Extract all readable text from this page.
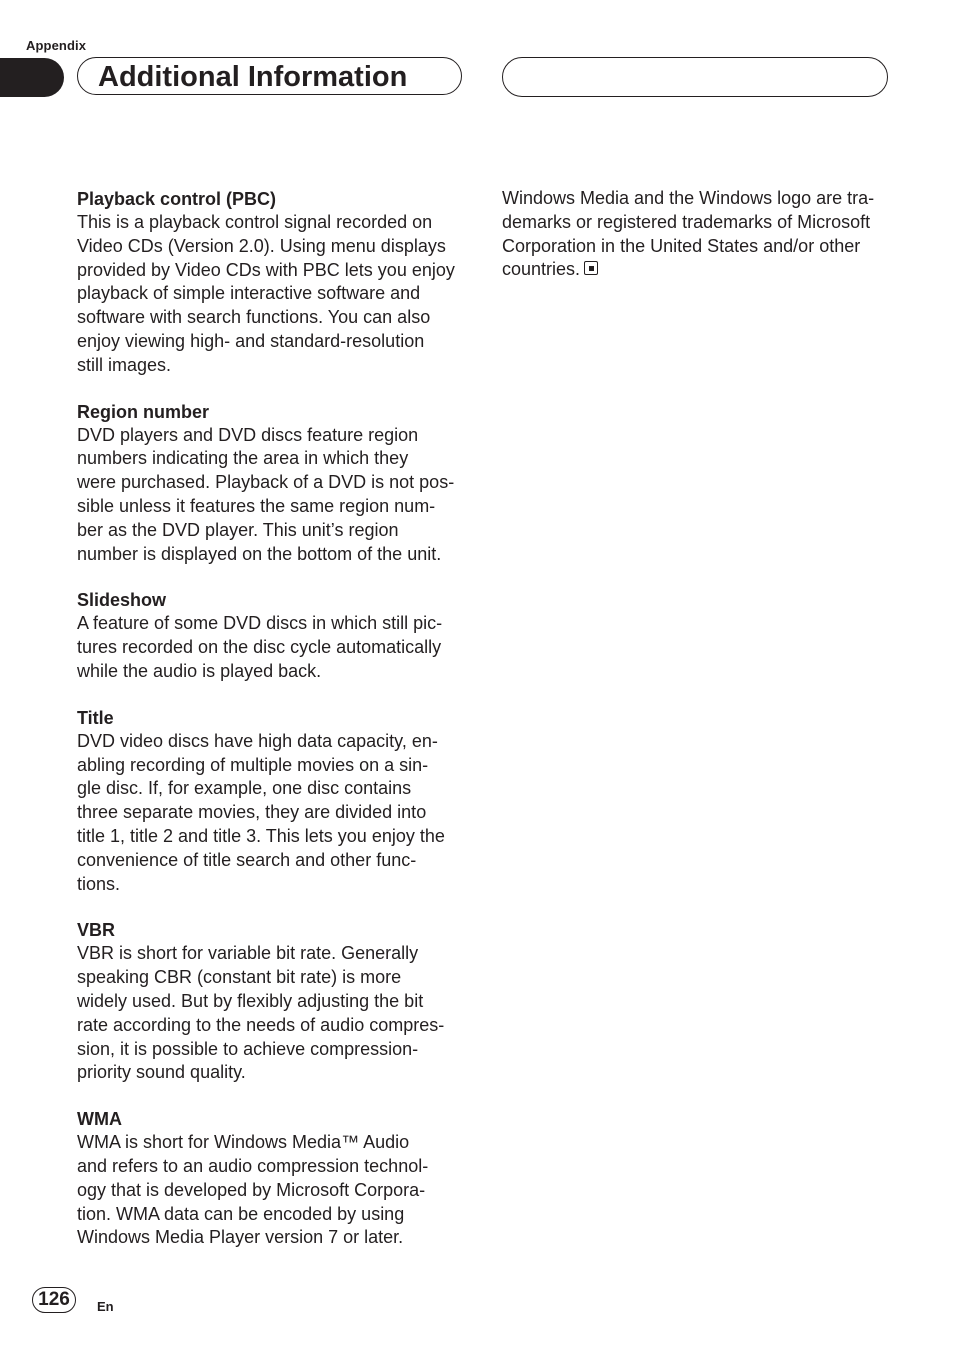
Appendix
Additional Information

Playback control (PBC)

This is a playback control signal recorded on
Video CDs (Version 2.0). Using menu displays
provided by Video CDs with PBC lets you enjoy
playback of simple interactive software and
software with search functions. You can also
enjoy viewing high- and standard-resolution
still images.

Region number

DVD players and DVD discs feature region
numbers indicating the area in which they
were purchased. Playback of a DVD is not pos-
sible unless it features the same region num-
ber as the DVD player. This unit’s region
number is displayed on the bottom of the unit.

Slideshow

A feature of some DVD discs in which still pic-
tures recorded on the disc cycle automatically
while the audio is played back.

Title

DVD video discs have high data capacity, en-
abling recording of multiple movies on a sin-
gle disc. If, for example, one disc contains
three separate movies, they are divided into
title 1, title 2 and title 3. This lets you enjoy the
convenience of title search and other func-
tions.

VBR

VBR is short for variable bit rate. Generally
speaking CBR (constant bit rate) is more
widely used. But by flexibly adjusting the bit
rate according to the needs of audio compres-
sion, it is possible to achieve compression-
priority sound quality.

WMA

WMA is short for Windows Media™ Audio
and refers to an audio compression technol-
ogy that is developed by Microsoft Corpora-
tion. WMA data can be encoded by using
Windows Media Player version 7 or later.

Windows Media and the Windows logo are tra-
demarks or registered trademarks of Microsoft
Corporation in the United States and/or other
countries.

126	En
